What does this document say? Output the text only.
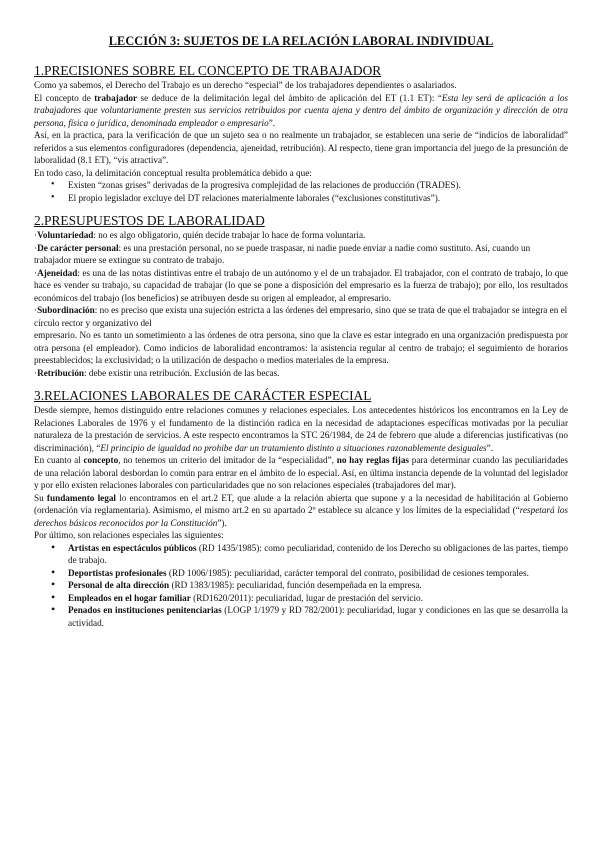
LECCIÓN 3: SUJETOS DE LA RELACIÓN LABORAL INDIVIDUAL
1.PRECISIONES SOBRE EL CONCEPTO DE TRABAJADOR

Como ya sabemos, el Derecho del Trabajo es un derecho “especial” de los trabajadores dependientes o asalariados.

El concepto de trabajador se deduce de la delimitación legal del ámbito de aplicación del ET (1.1 ET): “Esta ley será de aplicación a los trabajadores que voluntariamente presten sus servicios retribuidos por cuenta ajena y dentro del ámbito de organización y dirección de otra persona, física o jurídica, denominada empleador o empresario”.

Así, en la practica, para la verificación de que un sujeto sea o no realmente un trabajador, se establecen una serie de “indicios de laboralidad” referidos a sus elementos configuradores (dependencia, ajeneidad, retribución). Al respecto, tiene gran importancia del juego de la presunción de laboralidad (8.1 ET), “vis atractiva”.

En todo caso, la delimitación conceptual resulta problemática debido a que:

• Existen “zonas grises” derivadas de la progresiva complejidad de las relaciones de producción (TRADES).
• El propio legislador excluye del DT relaciones materialmente laborales (“exclusiones constitutivas”).
2.PRESUPUESTOS DE LABORALIDAD

·Voluntariedad: no es algo obligatorio, quién decide trabajar lo hace de forma voluntaria.

·De carácter personal: es una prestación personal, no se puede traspasar, ni nadie puede enviar a nadie como sustituto. Así, cuando un trabajador muere se extingue su contrato de trabajo.

·Ajeneidad: es una de las notas distintivas entre el trabajo de un autónomo y el de un trabajador. El trabajador, con el contrato de trabajo, lo que hace es vender su trabajo, su capacidad de trabajar (lo que se pone a disposición del empresario es la fuerza de trabajo); por ello, los resultados económicos del trabajo (los beneficios) se atribuyen desde su origen al empleador, al empresario.

·Subordinación: no es preciso que exista una sujeción estricta a las órdenes del empresario, sino que se trata de que el trabajador se integra en el círculo rector y organizativo del

empresario. No es tanto un sometimiento a las órdenes de otra persona, sino que la clave es estar integrado en una organización predispuesta por otra persona (el empleador). Como indicios de laboralidad encontramos: la asistencia regular al centro de trabajo; el seguimiento de horarios preestablecidos; la exclusividad; o la utilización de despacho o medios materiales de la empresa.

·Retribución: debe existir una retribución. Exclusión de las becas.

3.RELACIONES LABORALES DE CARÁCTER ESPECIAL

Desde siempre, hemos distinguido entre relaciones comunes y relaciones especiales. Los antecedentes históricos los encontramos en la Ley de Relaciones Laborales de 1976 y el fundamento de la distinción radica en la necesidad de adaptaciones específicas motivadas por la peculiar naturaleza de la prestación de servicios. A este respecto encontramos la STC 26/1984, de 24 de febrero que alude a diferencias justificativas (no discriminación), “El principio de igualdad no prohíbe dar un tratamiento distinto a situaciones razonablemente desiguales”.

En cuanto al concepto, no tenemos un criterio del imitador de la “especialidad”, no hay reglas fijas para determinar cuando las peculiaridades de una relación laboral desbordan lo común para entrar en el ámbito de lo especial. Así, en última instancia depende de la voluntad del legislador y por ello existen relaciones laborales con particularidades que no son relaciones especiales (trabajadores del mar).

Su fundamento legal lo encontramos en el art.2 ET, que alude a la relación abierta que supone y a la necesidad de habilitación al Gobierno (ordenación vía reglamentaria). Asimismo, el mismo art.2 en su apartado 2º establece su alcance y los límites de la especialidad (“respetará los derechos básicos reconocidos por la Constitución”).

Por último, son relaciones especiales las siguientes:

• Artistas en espectáculos públicos (RD 1435/1985): como peculiaridad, contenido de los Derecho su obligaciones de las partes, tiempo de trabajo.
• Deportistas profesionales (RD 1006/1985): peculiaridad, carácter temporal del contrato, posibilidad de cesiones temporales.
• Personal de alta dirección (RD 1383/1985): peculiaridad, función desempeñada en la empresa.
• Empleados en el hogar familiar (RD1620/2011): peculiaridad, lugar de prestación del servicio.
• Penados en instituciones penitenciarias (LOGP 1/1979 y RD 782/2001): peculiaridad, lugar y condiciones en las que se desarrolla la actividad.
